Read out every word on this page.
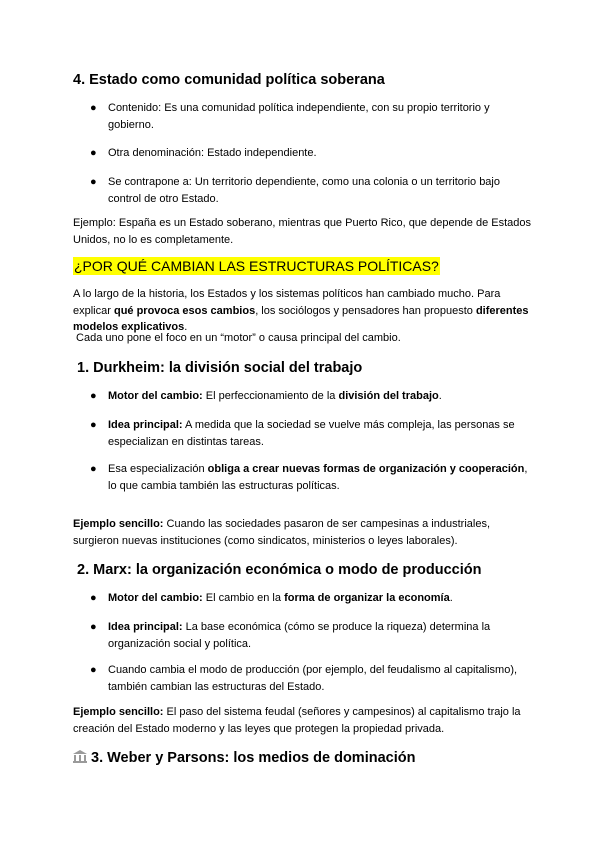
4. Estado como comunidad política soberana
● Contenido: Es una comunidad política independiente, con su propio territorio y gobierno.

● Otra denominación: Estado independiente.

● Se contrapone a: Un territorio dependiente, como una colonia o un territorio bajo control de otro Estado.

Ejemplo: España es un Estado soberano, mientras que Puerto Rico, que depende de Estados Unidos, no lo es completamente.

¿POR QUÉ CAMBIAN LAS ESTRUCTURAS POLÍTICAS?

A lo largo de la historia, los Estados y los sistemas políticos han cambiado mucho. Para explicar qué provoca esos cambios, los sociólogos y pensadores han propuesto diferentes modelos explicativos.

Cada uno pone el foco en un “motor” o causa principal del cambio.

1. Durkheim: la división social del trabajo
● Motor del cambio: El perfeccionamiento de la división del trabajo.

● Idea principal: A medida que la sociedad se vuelve más compleja, las personas se especializan en distintas tareas.

● Esa especialización obliga a crear nuevas formas de organización y cooperación, lo que cambia también las estructuras políticas.

Ejemplo sencillo: Cuando las sociedades pasaron de ser campesinas a industriales, surgieron nuevas instituciones (como sindicatos, ministerios o leyes laborales).

2. Marx: la organización económica o modo de producción
● Motor del cambio: El cambio en la forma de organizar la economía.

● Idea principal: La base económica (cómo se produce la riqueza) determina la organización social y política.

● Cuando cambia el modo de producción (por ejemplo, del feudalismo al capitalismo), también cambian las estructuras del Estado.

Ejemplo sencillo: El paso del sistema feudal (señores y campesinos) al capitalismo trajo la creación del Estado moderno y las leyes que protegen la propiedad privada.

3. Weber y Parsons: los medios de dominación
